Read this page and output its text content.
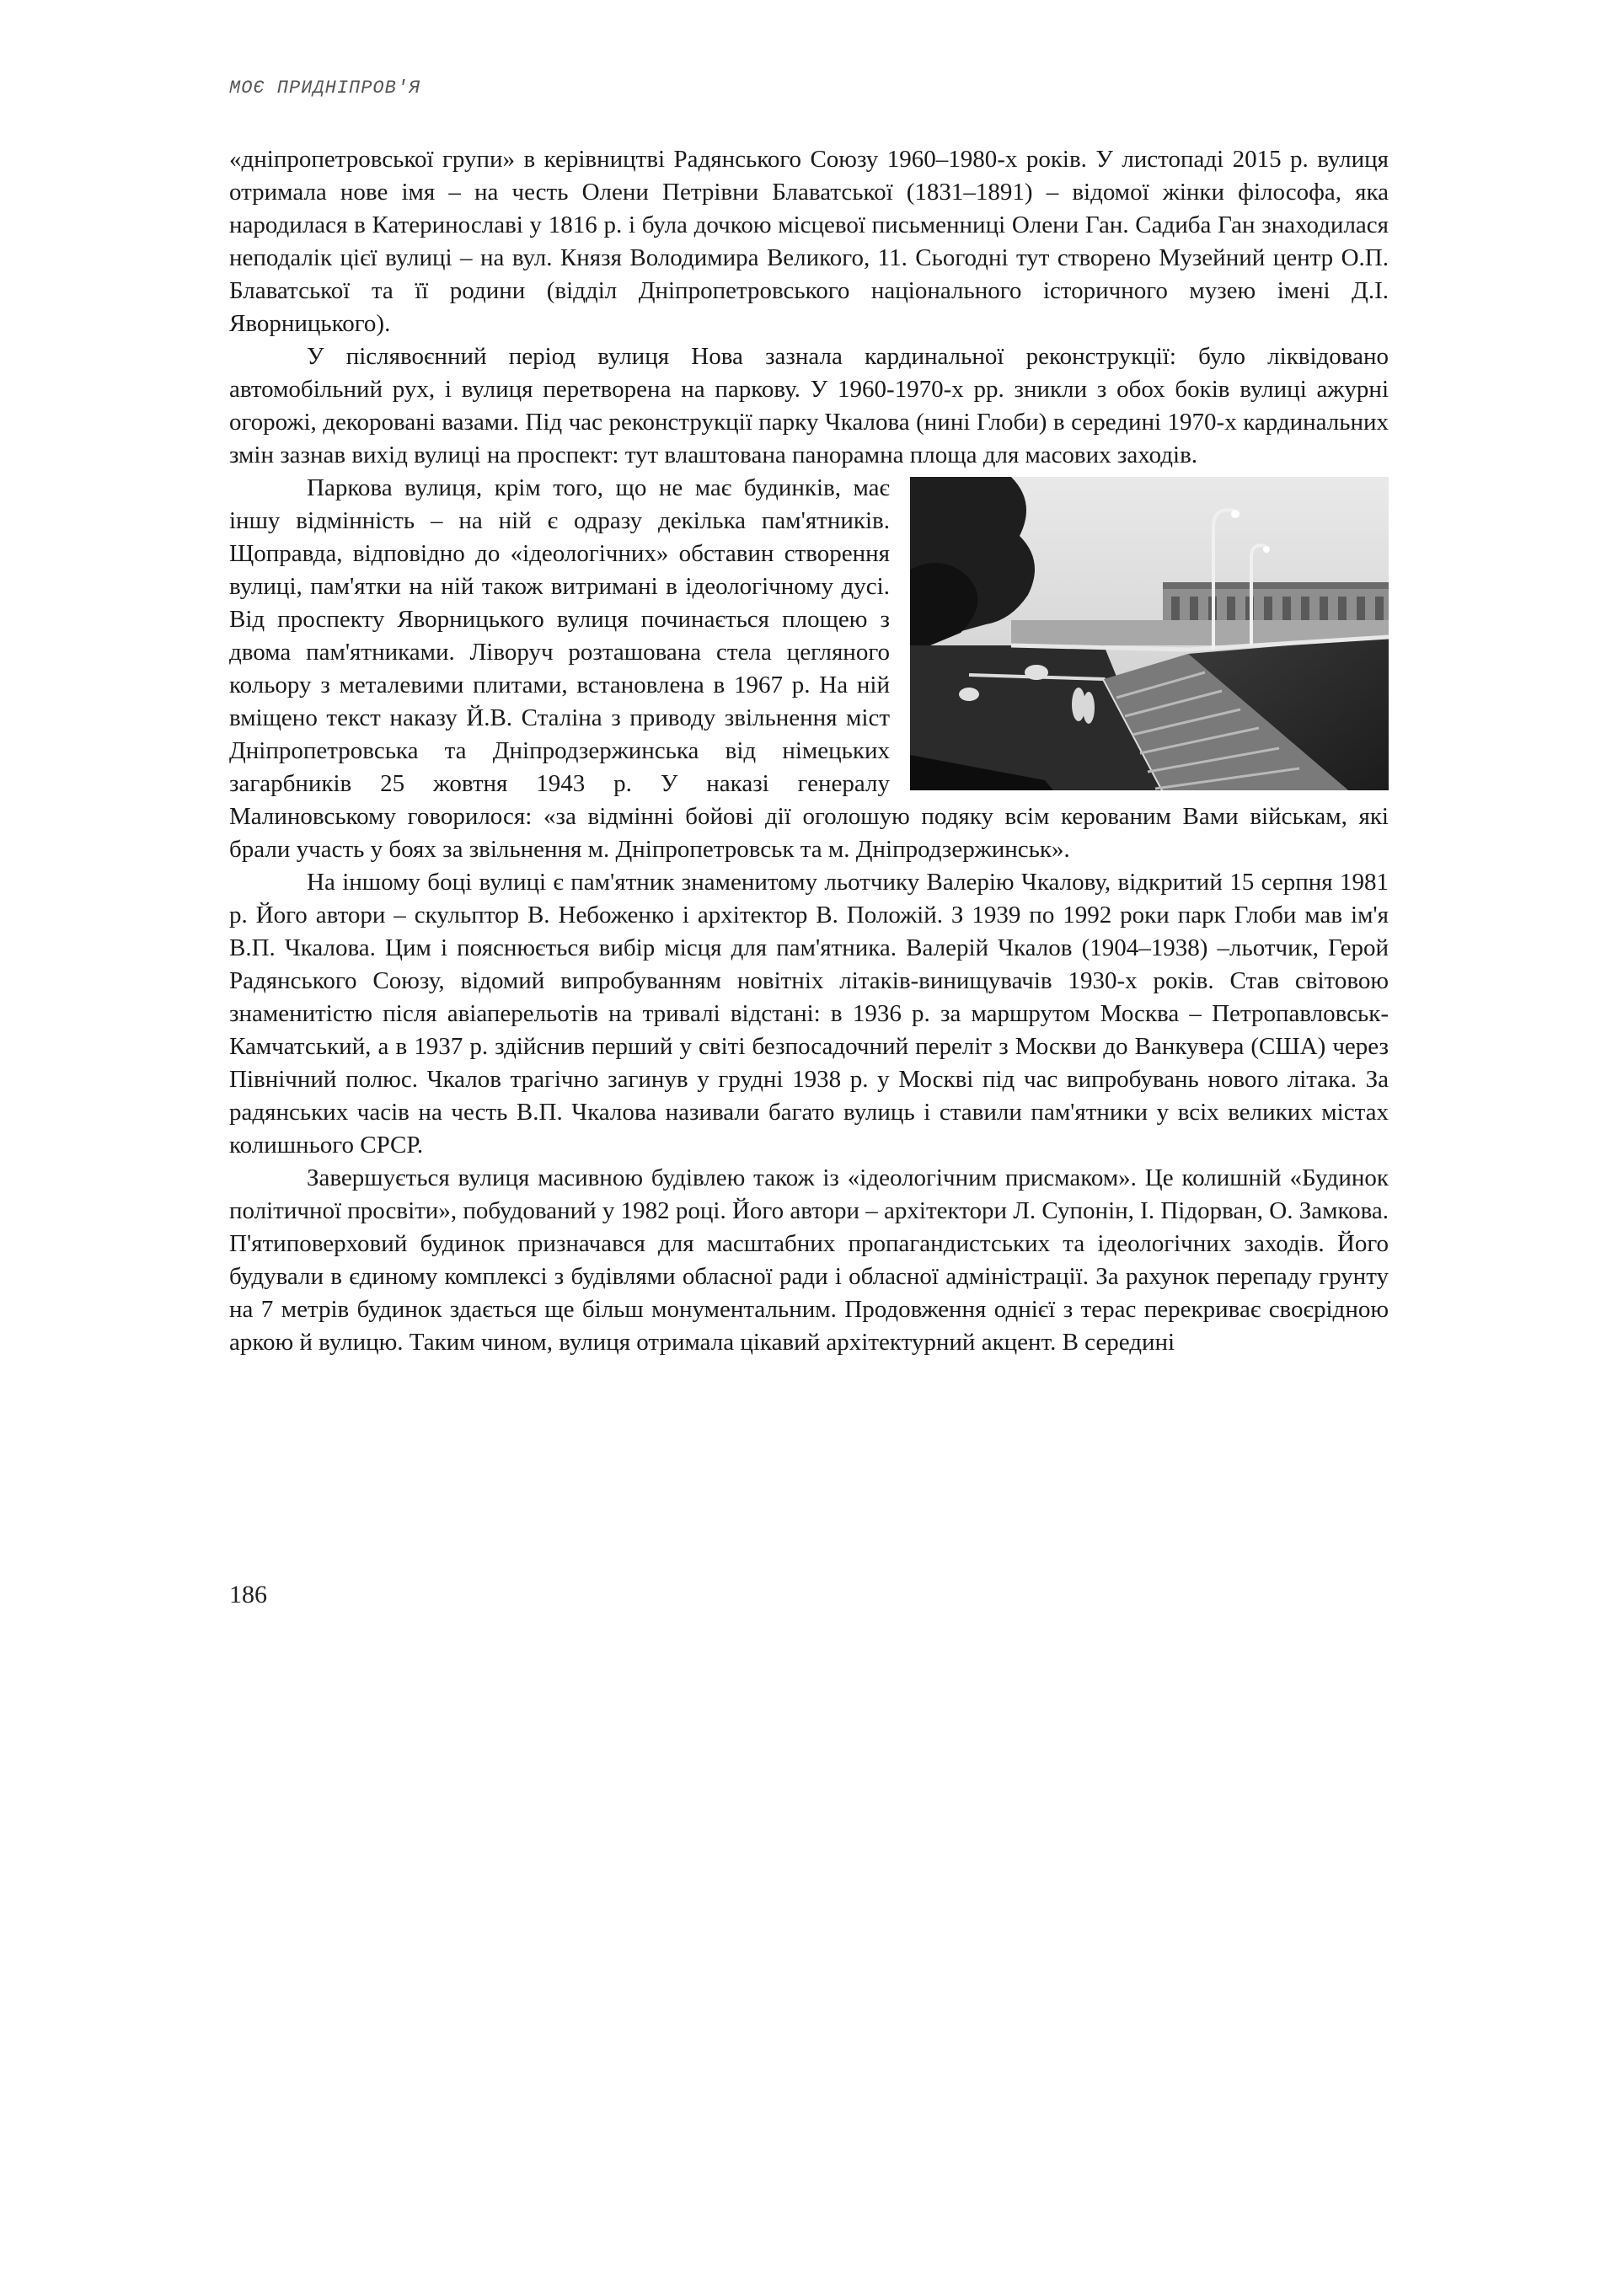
МОЄ ПРИДНІПРОВ'Я

«дніпропетровської групи» в керівництві Радянського Союзу 1960–1980-х років. У листопаді 2015 р. вулиця отримала нове імя – на честь Олени Петрівни Блаватської (1831–1891) – відомої жінки філософа, яка народилася в Катеринославі у 1816 р. і була дочкою місцевої письменниці Олени Ган. Садиба Ган знаходилася неподалік цієї вулиці – на вул. Князя Володимира Великого, 11. Сьогодні тут створено Музейний центр О.П. Блаватської та її родини (відділ Дніпропетровського національного історичного музею імені Д.І. Яворницького).

У післявоєнний період вулиця Нова зазнала кардинальної реконструкції: було ліквідовано автомобільний рух, і вулиця перетворена на паркову. У 1960-1970-х рр. зникли з обох боків вулиці ажурні огорожі, декоровані вазами. Під час реконструкції парку Чкалова (нині Глоби) в середині 1970-х кардинальних змін зазнав вихід вулиці на проспект: тут влаштована панорамна площа для масових заходів.

Паркова вулиця, крім того, що не має будинків, має іншу відмінність – на ній є одразу декілька пам'ятників. Щоправда, відповідно до «ідеологічних» обставин створення вулиці, пам'ятки на ній також витримані в ідеологічному дусі. Від проспекту Яворницького вулиця починається площею з двома пам'ятниками. Ліворуч розташована стела цегляного кольору з металевими плитами, встановлена в 1967 р. На ній вміщено текст наказу Й.В. Сталіна з приводу звільнення міст Дніпропетровська та Дніпродзержинська від німецьких загарбників 25 жовтня 1943 р. У наказі генералу Малиновському говорилося: «за відмінні бойові дії оголошую подяку всім керованим Вами військам, які брали участь у боях за звільнення м. Дніпропетровськ та м. Дніпродзержинськ».

На іншому боці вулиці є пам'ятник знаменитому льотчику Валерію Чкалову, відкритий 15 серпня 1981 р. Його автори – скульптор В. Небоженко і архітектор В. Положій. З 1939 по 1992 роки парк Глоби мав ім'я В.П. Чкалова. Цим і пояснюється вибір місця для пам'ятника. Валерій Чкалов (1904–1938) –льотчик, Герой Радянського Союзу, відомий випробуванням новітніх літаків-винищувачів 1930-х років. Став світовою знаменитістю після авіаперельотів на тривалі відстані: в 1936 р. за маршрутом Москва – Петропавловськ-Камчатський, а в 1937 р. здійснив перший у світі безпосадочний переліт з Москви до Ванкувера (США) через Північний полюс. Чкалов трагічно загинув у грудні 1938 р. у Москві під час випробувань нового літака. За радянських часів на честь В.П. Чкалова називали багато вулиць і ставили пам'ятники у всіх великих містах колишнього СРСР.

Завершується вулиця масивною будівлею також із «ідеологічним присмаком». Це колишній «Будинок політичної просвіти», побудований у 1982 році. Його автори – архітектори Л. Супонін, І. Підорван, О. Замкова. П'ятиповерховий будинок призначався для масштабних пропагандистських та ідеологічних заходів. Його будували в єдиному комплексі з будівлями обласної ради і обласної адміністрації. За рахунок перепаду грунту на 7 метрів будинок здається ще більш монументальним. Продовження однієї з терас перекриває своєрідною аркою й вулицю. Таким чином, вулиця отримала цікавий архітектурний акцент. В середині

186
